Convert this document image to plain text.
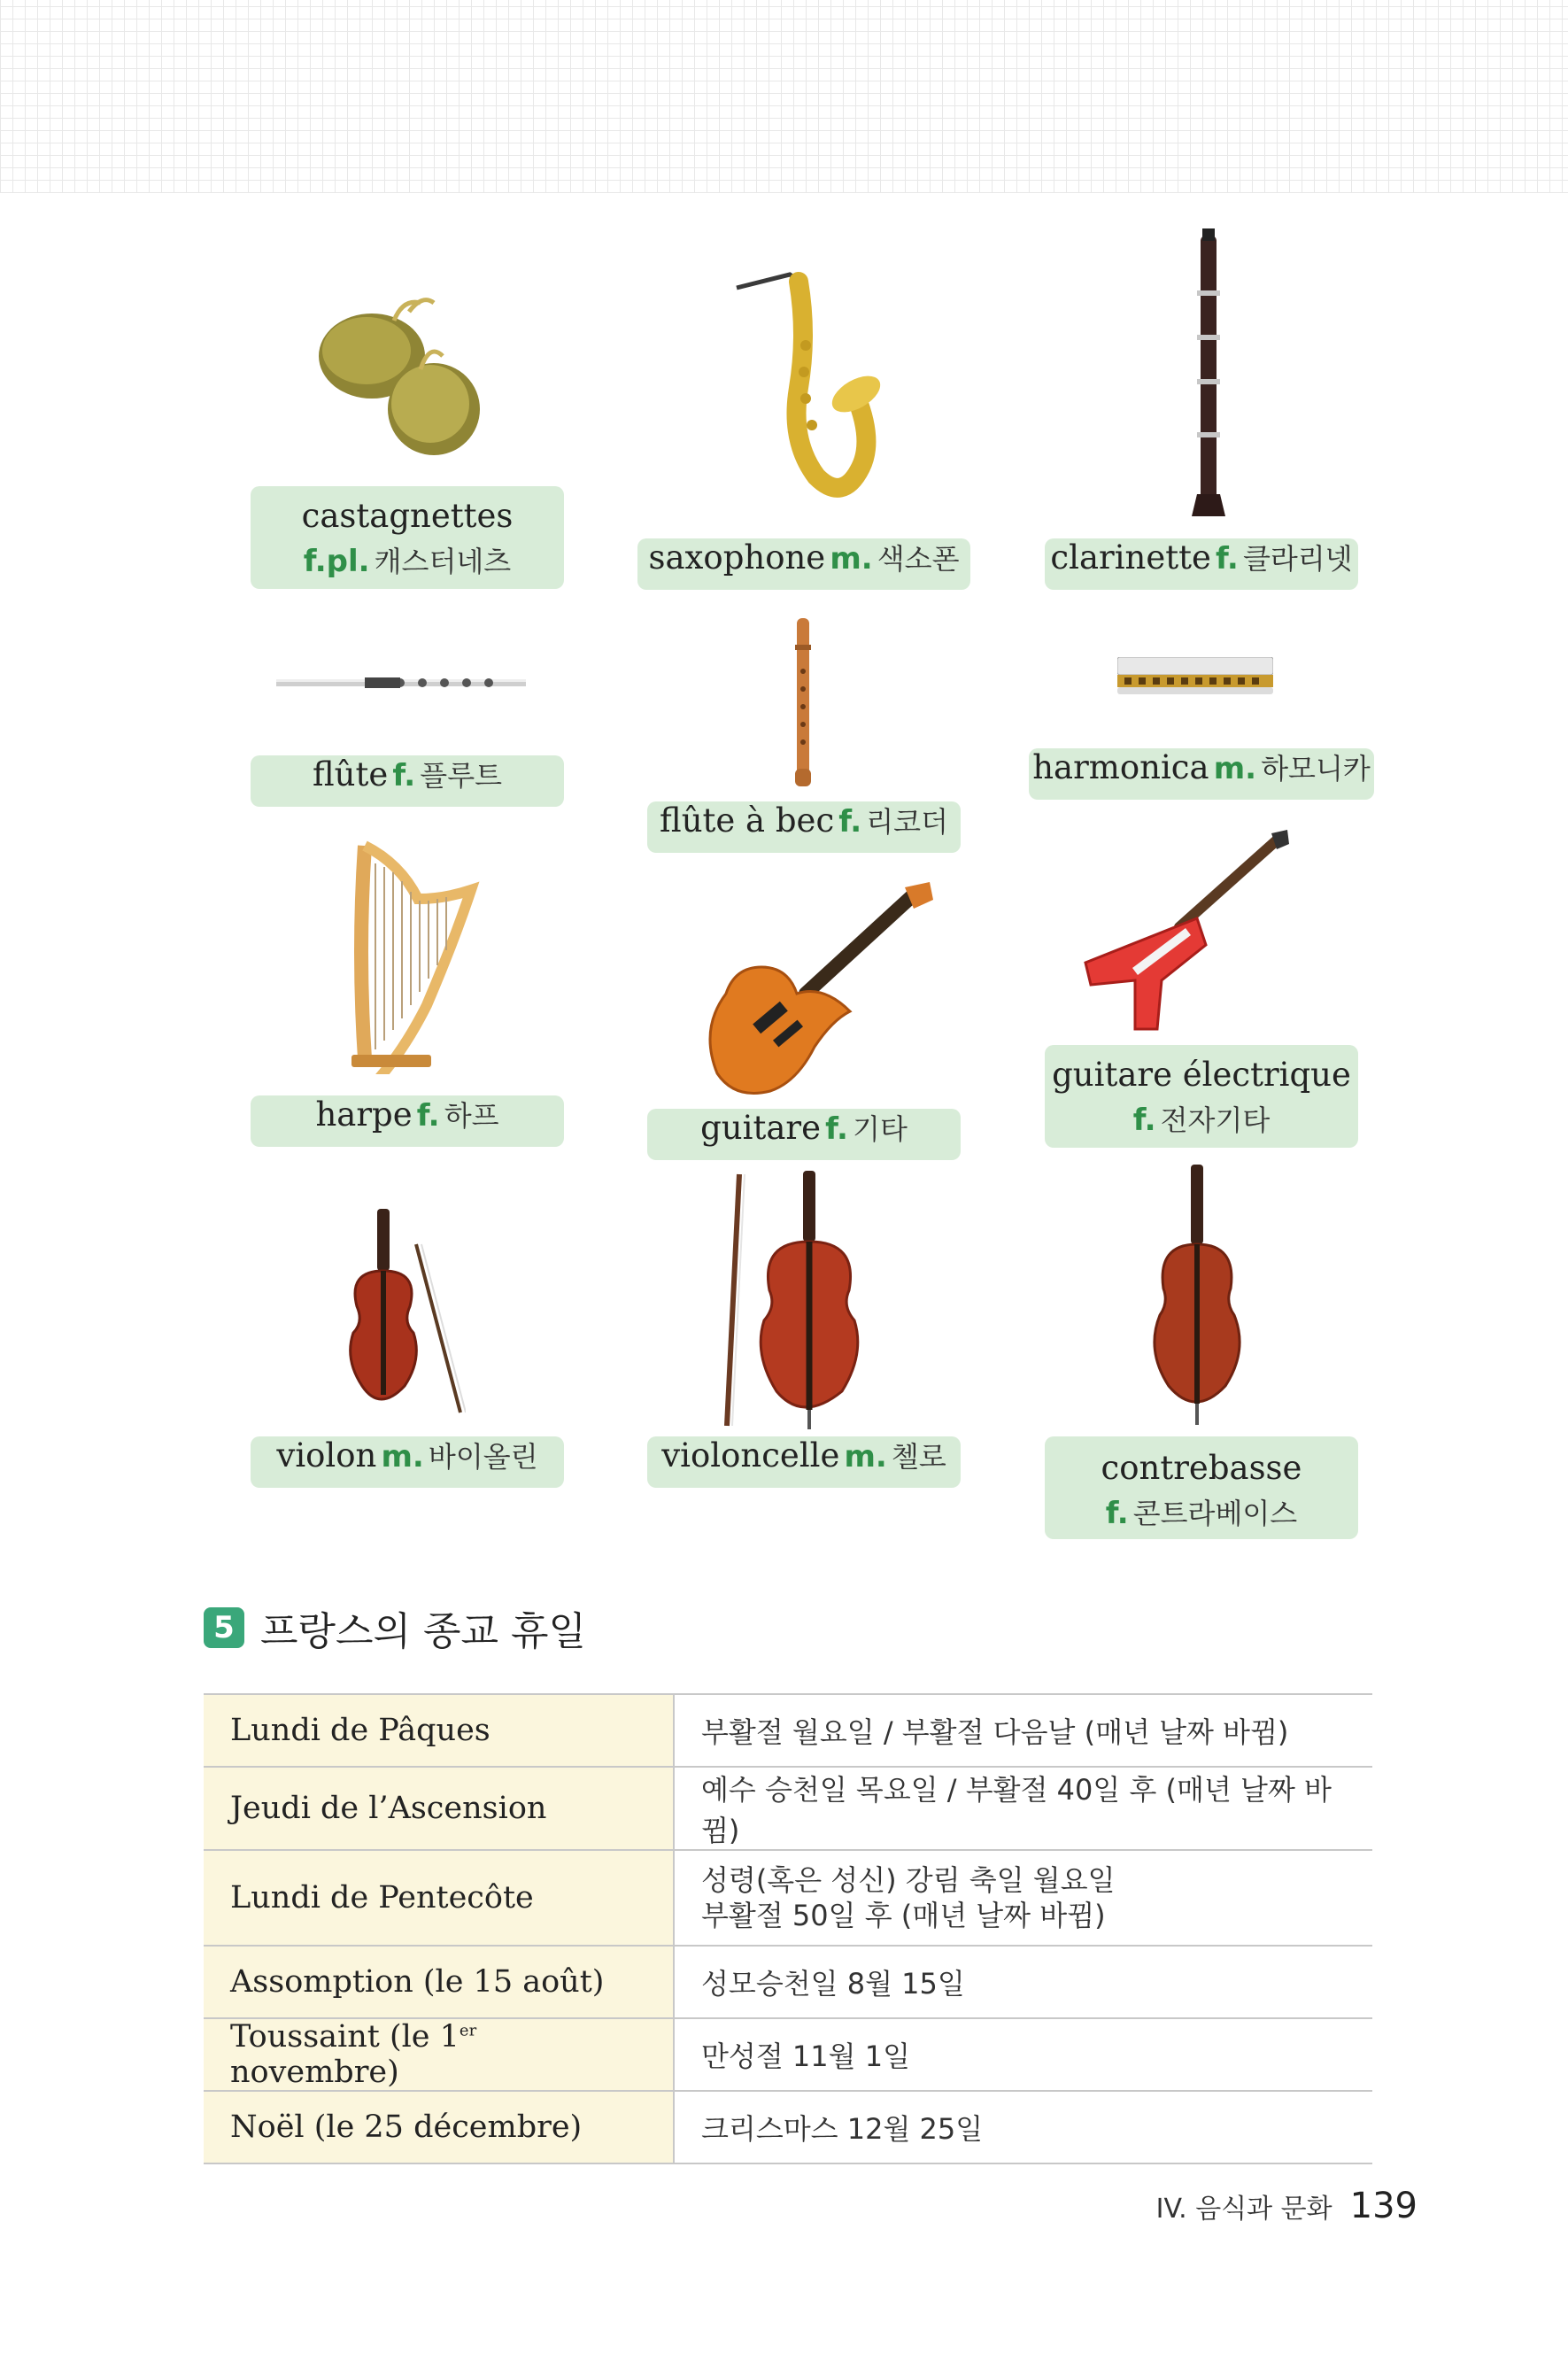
castagnettes
f.pl. 캐스터네츠	saxophone m. 색소폰	clarinette f. 클라리넷
flûte f. 플루트
flûte à bec f. 리코더
harmonica m. 하모니카
harpe f. 하프	guitare f. 기타
guitare électrique
f. 전자기타
violon m. 바이올린	violoncelle m. 첼로	contrebasse
f. 콘트라베이스
5 프랑스의 종교 휴일
Lundi de Pâques	부활절 월요일 / 부활절 다음날 (매년 날짜 바뀜)

Jeudi de l’Ascension	예수 승천일 목요일 / 부활절 40일 후 (매년 날짜 바뀜)

Lundi de Pentecôte	성령(혹은 성신) 강림 축일 월요일
부활절 50일 후 (매년 날짜 바뀜)

Assomption (le 15 août)	성모승천일 8월 15일

Toussaint (le 1er novembre)	만성절 11월 1일

Noël (le 25 décembre)	크리스마스 12월 25일
IV. 음식과 문화 139
